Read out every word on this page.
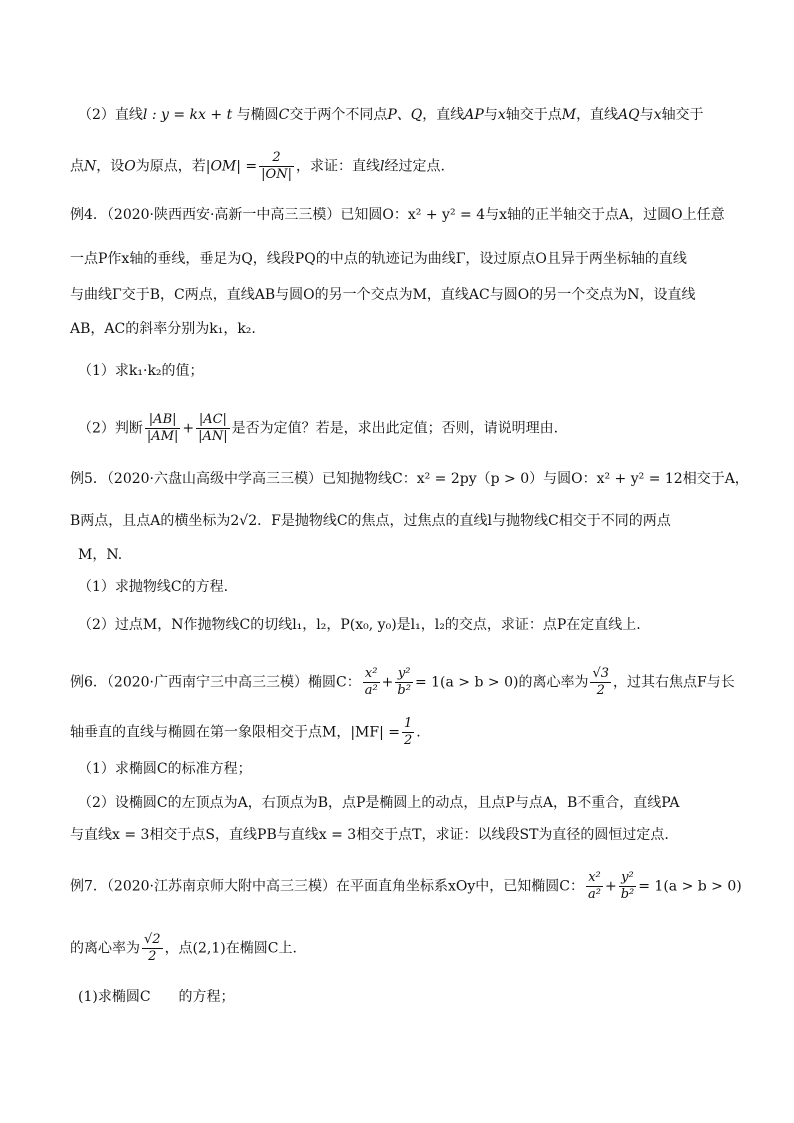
（2）直线l : y = kx + t 与椭圆C交于两个不同点P、Q，直线AP与x轴交于点M，直线AQ与x轴交于
点N，设O为原点，若$|OM| = \frac{2}{|ON|}$ ，求证：直线l经过定点.
例4．（2020·陕西西安·高新一中高三三模）已知圆O：x² + y² = 4与x轴的正半轴交于点A，过圆O上任意
一点P作x轴的垂线，垂足为Q，线段PQ的中点的轨迹记为曲线Γ，设过原点O且异于两坐标轴的直线
与曲线Γ交于B，C两点，直线AB与圆O的另一个交点为M，直线AC与圆O的另一个交点为N，设直线
AB，AC的斜率分别为k₁，k₂.
（1）求k₁·k₂的值；
（2）判断 $\frac{|AB|}{|AM|} + \frac{|AC|}{|AN|}$ 是否为定值？若是，求出此定值；否则，请说明理由.
例5．（2020·六盘山高级中学高三三模）已知抛物线C：x² = 2py（p > 0）与圆O：x² + y² = 12相交于A，
B两点，且点A的横坐标为2√2．F是抛物线C的焦点，过焦点的直线l与抛物线C相交于不同的两点
M，N.
（1）求抛物线C的方程.
（2）过点M，N作抛物线C的切线l₁，l₂，P(x₀, y₀)是l₁，l₂的交点，求证：点P在定直线上.
例6．（2020·广西南宁三中高三三模）椭圆C： $\frac{\text{x²}}{\text{a²}} + \frac{\text{y²}}{\text{b²}} = 1(a > b > 0)$的离心率为 $\frac{√3}{2}$ ，过其右焦点F与长
轴垂直的直线与椭圆在第一象限相交于点M，$|MF| = \frac{1}{2}$ .
（1）求椭圆C的标准方程；
（2）设椭圆C的左顶点为A，右顶点为B，点P是椭圆上的动点，且点P与点A，B不重合，直线PA
与直线x = 3相交于点S，直线PB与直线x = 3相交于点T，求证：以线段ST为直径的圆恒过定点.
例7．（2020·江苏南京师大附中高三三模）在平面直角坐标系xOy中，已知椭圆C： $\frac{\text{x²}}{\text{a²}} + \frac{\text{y²}}{\text{b²}} = 1(a > b > 0)$
的离心率为 $\frac{√2}{2}$ ，点(2,1)在椭圆C上.
(1)求椭圆C　　的方程；
